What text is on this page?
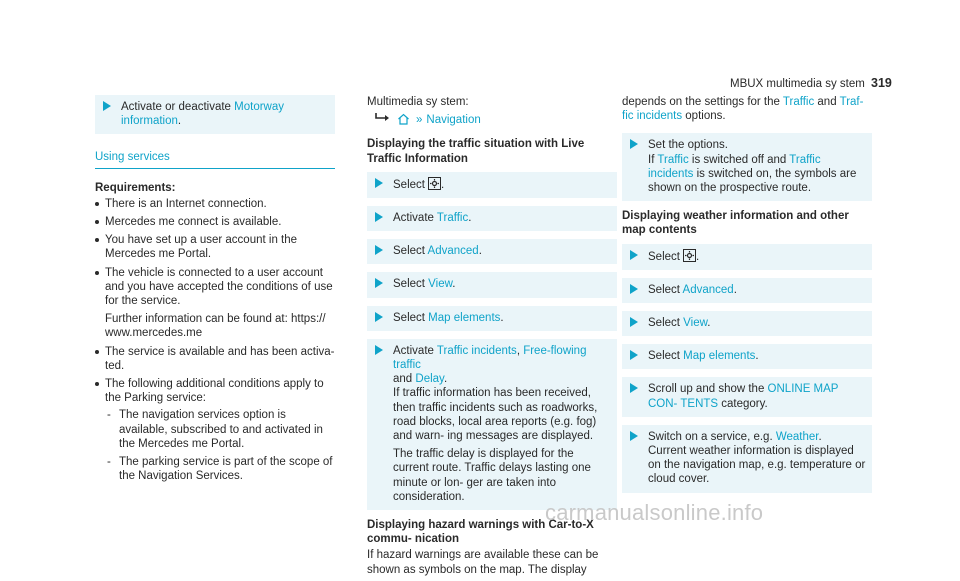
MBUX multimedia sy stem 319

Activate or deactivate Motorway information.

Using services
Requirements:
There is an Internet connection.
Mercedes me connect is available.
You have set up a user account in the Mercedes me Portal.
The vehicle is connected to a user account and you have accepted the conditions of use for the service.
Further information can be found at: https:// www.mercedes.me
The service is available and has been activa‐ ted.
The following additional conditions apply to the Parking service:
- The navigation services option is available, subscribed to and activated in the Mercedes me Portal.
- The parking service is part of the scope of the Navigation Services.
Multimedia sy stem:
» Navigation
Displaying the traffic situation with Live Traffic Information

Select .

Activate Traffic.

Select Advanced.

Select View.

Select Map elements.

Activate Traffic incidents, Free-flowing traffic
and Delay.
If traffic information has been received, then traffic incidents such as roadworks, road blocks, local area reports (e.g. fog) and warn‐ ing messages are displayed.

The traffic delay is displayed for the current route. Traffic delays lasting one minute or lon‐ ger are taken into consideration.

Displaying hazard warnings with Car-to-X commu‐ nication
If hazard warnings are available these can be shown as symbols on the map. The display
depends on the settings for the Traffic and Traf‐ fic incidents options.

Set the options.
If Traffic is switched off and Traffic incidents is switched on, the symbols are shown on the prospective route.

Displaying weather information and other map contents

Select .

Select Advanced.

Select View.

Select Map elements.

Scroll up and show the ONLINE MAP CON‐ TENTS category.

Switch on a service, e.g. Weather.
Current weather information is displayed on the navigation map, e.g. temperature or cloud cover.

carmanualsonline.info
